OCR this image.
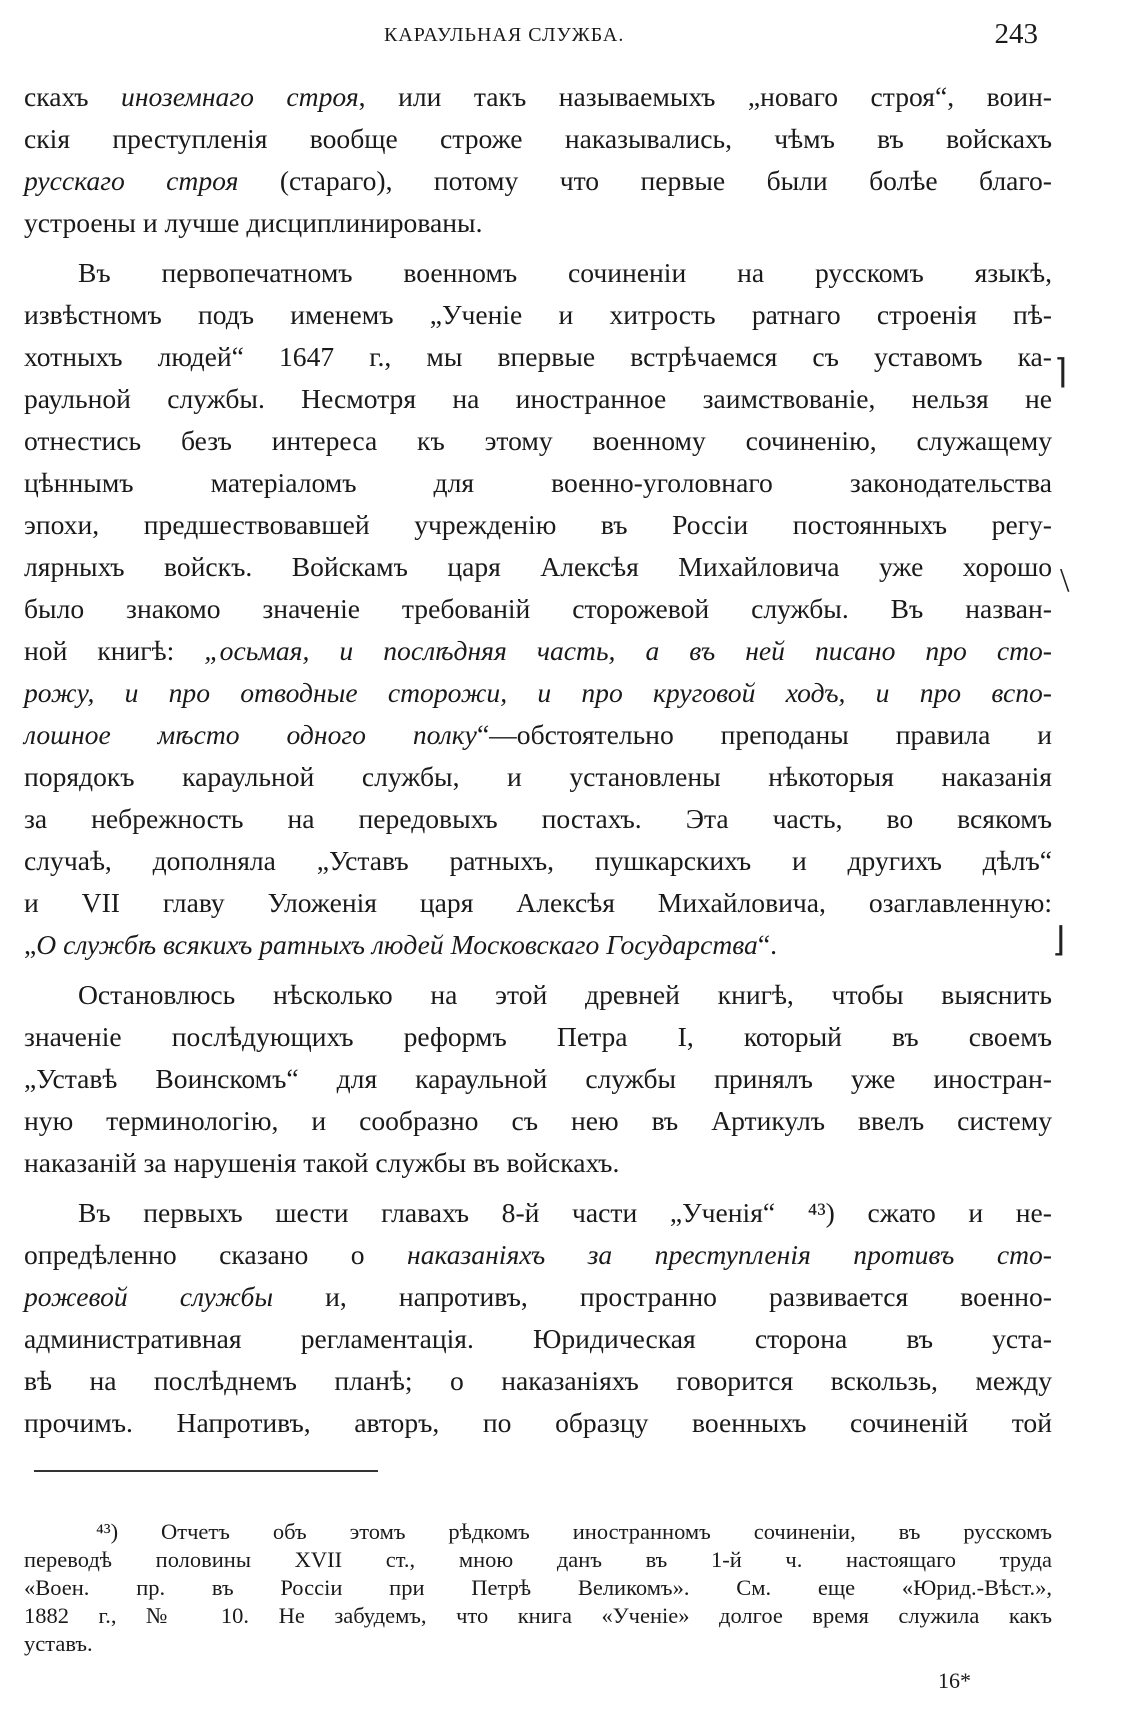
КАРАУЛЬНАЯ СЛУЖБА.	243
скахъ иноземнаго строя, или такъ называемыхъ „новаго строя“, воин-
скія преступленія вообще строже наказывались, чѣмъ въ войскахъ
русскаго строя (стараго), потому что первые были болѣе благо-
устроены и лучше дисциплинированы.
Въ первопечатномъ военномъ сочиненіи на русскомъ языкѣ,
извѣстномъ подъ именемъ „Ученіе и хитрость ратнаго строенія пѣ-
хотныхъ людей“ 1647 г., мы впервые встрѣчаемся съ уставомъ ка-
раульной службы. Несмотря на иностранное заимствованіе, нельзя не
отнестись безъ интереса къ этому военному сочиненію, служащему
цѣннымъ матеріаломъ для военно-уголовнаго законодательства
эпохи, предшествовавшей учрежденію въ Россіи постоянныхъ регу-
лярныхъ войскъ. Войскамъ царя Алексѣя Михайловича уже хорошо
было знакомо значеніе требованій сторожевой службы. Въ назван-
ной книгѣ: „осьмая, и послѣдняя часть, а въ ней писано про сто-
рожу, и про отводные сторожи, и про круговой ходъ, и про вспо-
лошное мѣсто одного полку“—обстоятельно преподаны правила и
порядокъ караульной службы, и установлены нѣкоторыя наказанія
за небрежность на передовыхъ постахъ. Эта часть, во всякомъ
случаѣ, дополняла „Уставъ ратныхъ, пушкарскихъ и другихъ дѣлъ“
и VII главу Уложенія царя Алексѣя Михайловича, озаглавленную:
„О службѣ всякихъ ратныхъ людей Московскаго Государства“.
Остановлюсь нѣсколько на этой древней книгѣ, чтобы выяснить
значеніе послѣдующихъ реформъ Петра I, который въ своемъ
„Уставѣ Воинскомъ“ для караульной службы принялъ уже иностран-
ную терминологію, и сообразно съ нею въ Артикулъ ввелъ систему
наказаній за нарушенія такой службы въ войскахъ.
Въ первыхъ шести главахъ 8-й части „Ученія“ ⁴³) сжато и не-
опредѣленно сказано о наказаніяхъ за преступленія противъ сто-
рожевой службы и, напротивъ, пространно развивается военно-
административная регламентація. Юридическая сторона въ уста-
вѣ на послѣднемъ планѣ; о наказаніяхъ говорится вскользь, между
прочимъ. Напротивъ, авторъ, по образцу военныхъ сочиненій той
⁴³) Отчетъ объ этомъ рѣдкомъ иностранномъ сочиненіи, въ русскомъ
переводѣ половины XVII ст., мною данъ въ 1-й ч. настоящаго труда
«Воен. пр. въ Россіи при Петрѣ Великомъ». См. еще «Юрид.-Вѣст.»,
1882 г., № 10. Не забудемъ, что книга «Ученіе» долгое время служила какъ
уставъ.
16*
⌉
\
⌋
